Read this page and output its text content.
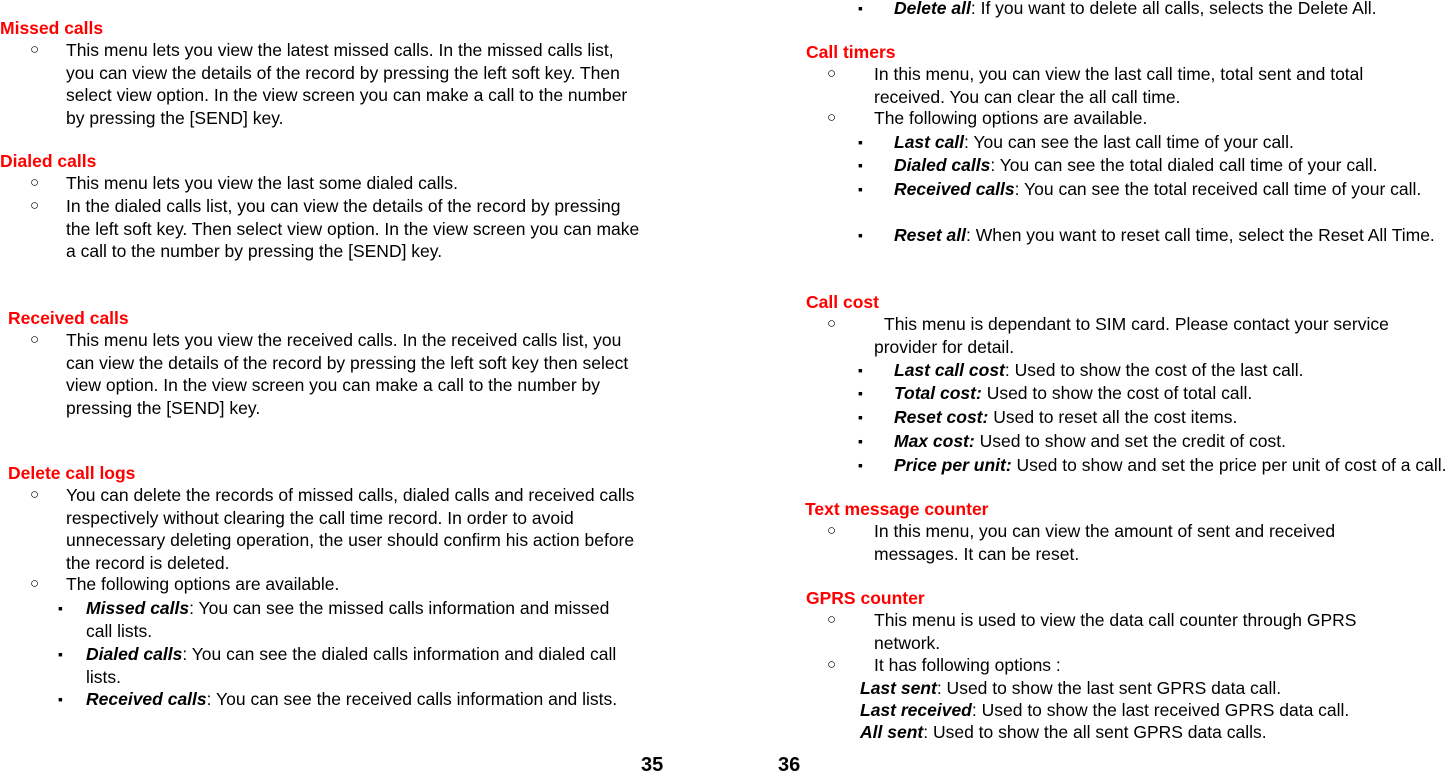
Missed calls
○ This menu lets you view the latest missed calls. In the missed calls list, you can view the details of the record by pressing the left soft key. Then select view option. In the view screen you can make a call to the number by pressing the [SEND] key.
Dialed calls
○ This menu lets you view the last some dialed calls.
○ In the dialed calls list, you can view the details of the record by pressing the left soft key. Then select view option. In the view screen you can make a call to the number by pressing the [SEND] key.
Received calls
○ This menu lets you view the received calls. In the received calls list, you can view the details of the record by pressing the left soft key then select view option. In the view screen you can make a call to the number by pressing the [SEND] key.
Delete call logs
○ You can delete the records of missed calls, dialed calls and received calls respectively without clearing the call time record. In order to avoid unnecessary deleting operation, the user should confirm his action before the record is deleted.
○ The following options are available.
▪ Missed calls: You can see the missed calls information and missed call lists.
▪ Dialed calls: You can see the dialed calls information and dialed call lists.
▪ Received calls: You can see the received calls information and lists.
35	36
▪ Delete all: If you want to delete all calls, selects the Delete All.
Call timers
○ In this menu, you can view the last call time, total sent and total received. You can clear the all call time.
○ The following options are available.
▪ Last call: You can see the last call time of your call.
▪ Dialed calls: You can see the total dialed call time of your call.
▪ Received calls: You can see the total received call time of your call.
▪ Reset all: When you want to reset call time, select the Reset All Time.
Call cost
○	This menu is dependant to SIM card. Please contact your service provider for detail.
▪ Last call cost: Used to show the cost of the last call.
▪ Total cost: Used to show the cost of total call.
▪ Reset cost: Used to reset all the cost items.
▪ Max cost: Used to show and set the credit of cost.
▪ Price per unit: Used to show and set the price per unit of cost of a call.
Text message counter
○ In this menu, you can view the amount of sent and received messages. It can be reset.
GPRS counter
○ This menu is used to view the data call counter through GPRS network.
○ It has following options :
Last sent: Used to show the last sent GPRS data call.
Last received: Used to show the last received GPRS data call.
All sent: Used to show the all sent GPRS data calls.
